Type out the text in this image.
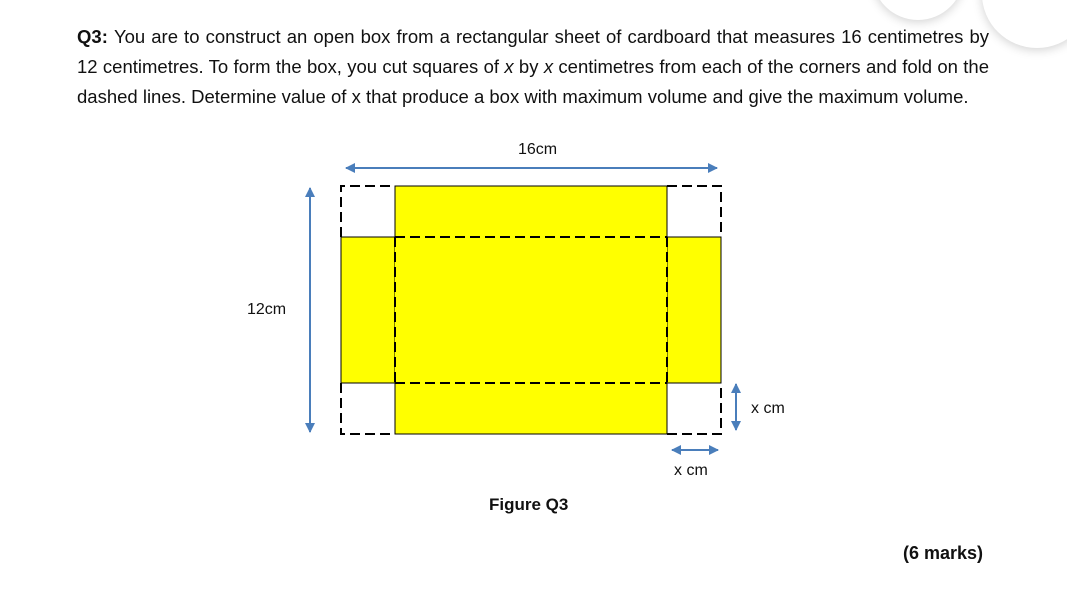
Q3: You are to construct an open box from a rectangular sheet of cardboard that measures 16 centimetres by 12 centimetres. To form the box, you cut squares of x by x centimetres from each of the corners and fold on the dashed lines. Determine value of x that produce a box with maximum volume and give the maximum volume.
16cm
12cm
x cm
x cm
Figure Q3
(6 marks)
